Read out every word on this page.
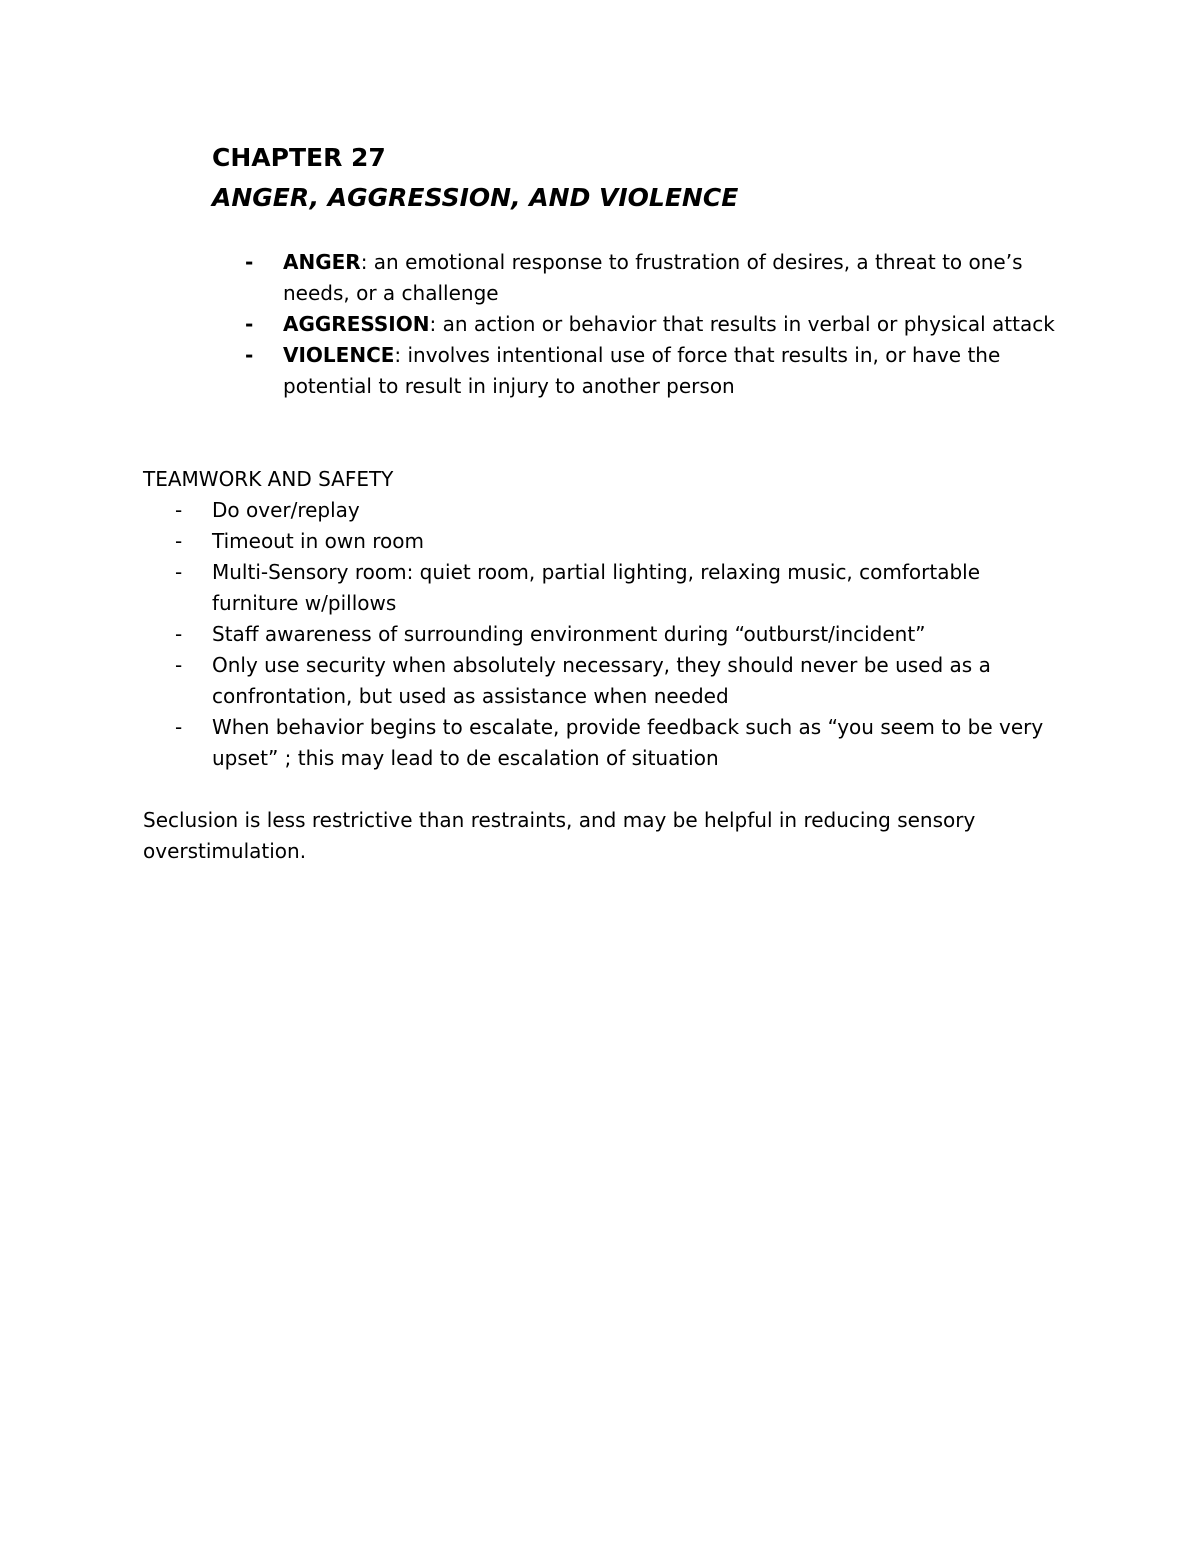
CHAPTER 27
ANGER, AGGRESSION, AND VIOLENCE
- ANGER: an emotional response to frustration of desires, a threat to one’s needs, or a challenge
- AGGRESSION: an action or behavior that results in verbal or physical attack
- VIOLENCE: involves intentional use of force that results in, or have the potential to result in injury to another person
TEAMWORK AND SAFETY
- Do over/replay
- Timeout in own room
- Multi-Sensory room: quiet room, partial lighting, relaxing music, comfortable furniture w/pillows
- Staff awareness of surrounding environment during “outburst/incident”
- Only use security when absolutely necessary, they should never be used as a confrontation, but used as assistance when needed
- When behavior begins to escalate, provide feedback such as “you seem to be very upset” ; this may lead to de escalation of situation

Seclusion is less restrictive than restraints, and may be helpful in reducing sensory overstimulation.
